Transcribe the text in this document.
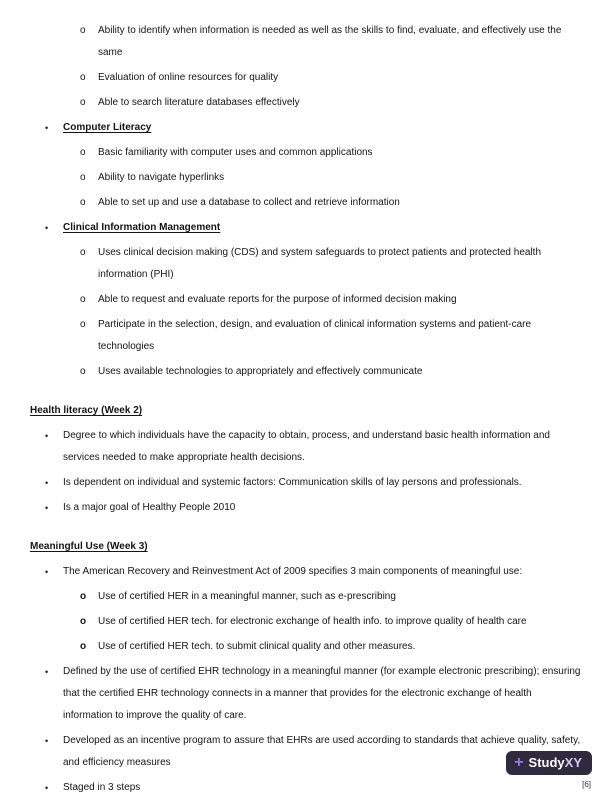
o	Ability to identify when information is needed as well as the skills to find, evaluate, and effectively use the same
o	Evaluation of online resources for quality
o	Able to search literature databases effectively
•	Computer Literacy
o	Basic familiarity with computer uses and common applications
o	Ability to navigate hyperlinks
o	Able to set up and use a database to collect and retrieve information
•	Clinical Information Management
o	Uses clinical decision making (CDS) and system safeguards to protect patients and protected health information (PHI)
o	Able to request and evaluate reports for the purpose of informed decision making
o	Participate in the selection, design, and evaluation of clinical information systems and patient-care technologies
o	Uses available technologies to appropriately and effectively communicate
Health literacy (Week 2)
•	Degree to which individuals have the capacity to obtain, process, and understand basic health information and services needed to make appropriate health decisions.
•	Is dependent on individual and systemic factors: Communication skills of lay persons and professionals.
•	Is a major goal of Healthy People 2010
Meaningful Use (Week 3)
•	The American Recovery and Reinvestment Act of 2009 specifies 3 main components of meaningful use:
o	Use of certified HER in a meaningful manner, such as e-prescribing
o	Use of certified HER tech. for electronic exchange of health info. to improve quality of health care
o	Use of certified HER tech. to submit clinical quality and other measures.
•	Defined by the use of certified EHR technology in a meaningful manner (for example electronic prescribing); ensuring that the certified EHR technology connects in a manner that provides for the electronic exchange of health information to improve the quality of care.
•	Developed as an incentive program to assure that EHRs are used according to standards that achieve quality, safety, and efficiency measures
•	Staged in 3 steps
+ StudyXY
[6]
